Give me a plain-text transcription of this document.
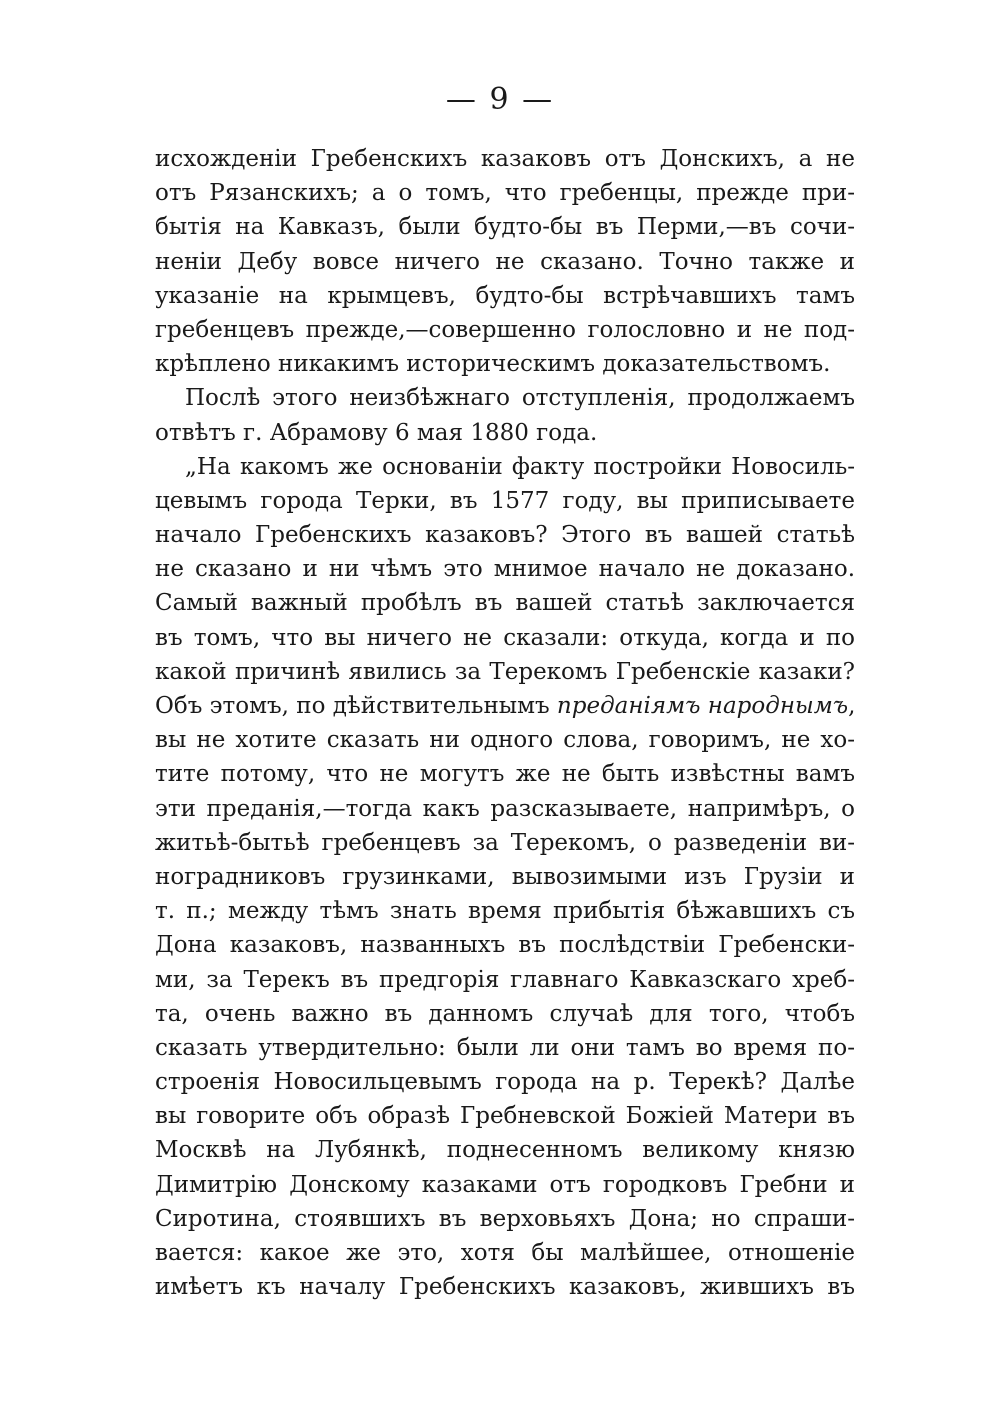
— 9 —
исхожденіи Гребенскихъ казаковъ отъ Донскихъ, а не
отъ Рязанскихъ; а о томъ, что гребенцы, прежде при-
бытія на Кавказъ, были будто-бы въ Перми,—въ сочи-
неніи Дебу вовсе ничего не сказано. Точно также и
указаніе на крымцевъ, будто-бы встрѣчавшихъ тамъ
гребенцевъ прежде,—совершенно голословно и не под-
крѣплено никакимъ историческимъ доказательствомъ.
Послѣ этого неизбѣжнаго отступленія, продолжаемъ
отвѣтъ г. Абрамову 6 мая 1880 года.
„На какомъ же основаніи факту постройки Новосиль-
цевымъ города Терки, въ 1577 году, вы приписываете
начало Гребенскихъ казаковъ? Этого въ вашей статьѣ
не сказано и ни чѣмъ это мнимое начало не доказано.
Самый важный пробѣлъ въ вашей статьѣ заключается
въ томъ, что вы ничего не сказали: откуда, когда и по
какой причинѣ явились за Терекомъ Гребенскіе казаки?
Объ этомъ, по дѣйствительнымъ преданіямъ народнымъ,
вы не хотите сказать ни одного слова, говоримъ, не хо-
тите потому, что не могутъ же не быть извѣстны вамъ
эти преданія,—тогда какъ разсказываете, напримѣръ, о
житьѣ-бытьѣ гребенцевъ за Терекомъ, о разведеніи ви-
ноградниковъ грузинками, вывозимыми изъ Грузіи и
т. п.; между тѣмъ знать время прибытія бѣжавшихъ съ
Дона казаковъ, названныхъ въ послѣдствіи Гребенски-
ми, за Терекъ въ предгорія главнаго Кавказскаго хреб-
та, очень важно въ данномъ случаѣ для того, чтобъ
сказать утвердительно: были ли они тамъ во время по-
строенія Новосильцевымъ города на р. Терекѣ? Далѣе
вы говорите объ образѣ Гребневской Божіей Матери въ
Москвѣ на Лубянкѣ, поднесенномъ великому князю
Димитрію Донскому казаками отъ городковъ Гребни и
Сиротина, стоявшихъ въ верховьяхъ Дона; но спраши-
вается: какое же это, хотя бы малѣйшее, отношеніе
имѣетъ къ началу Гребенскихъ казаковъ, жившихъ въ
